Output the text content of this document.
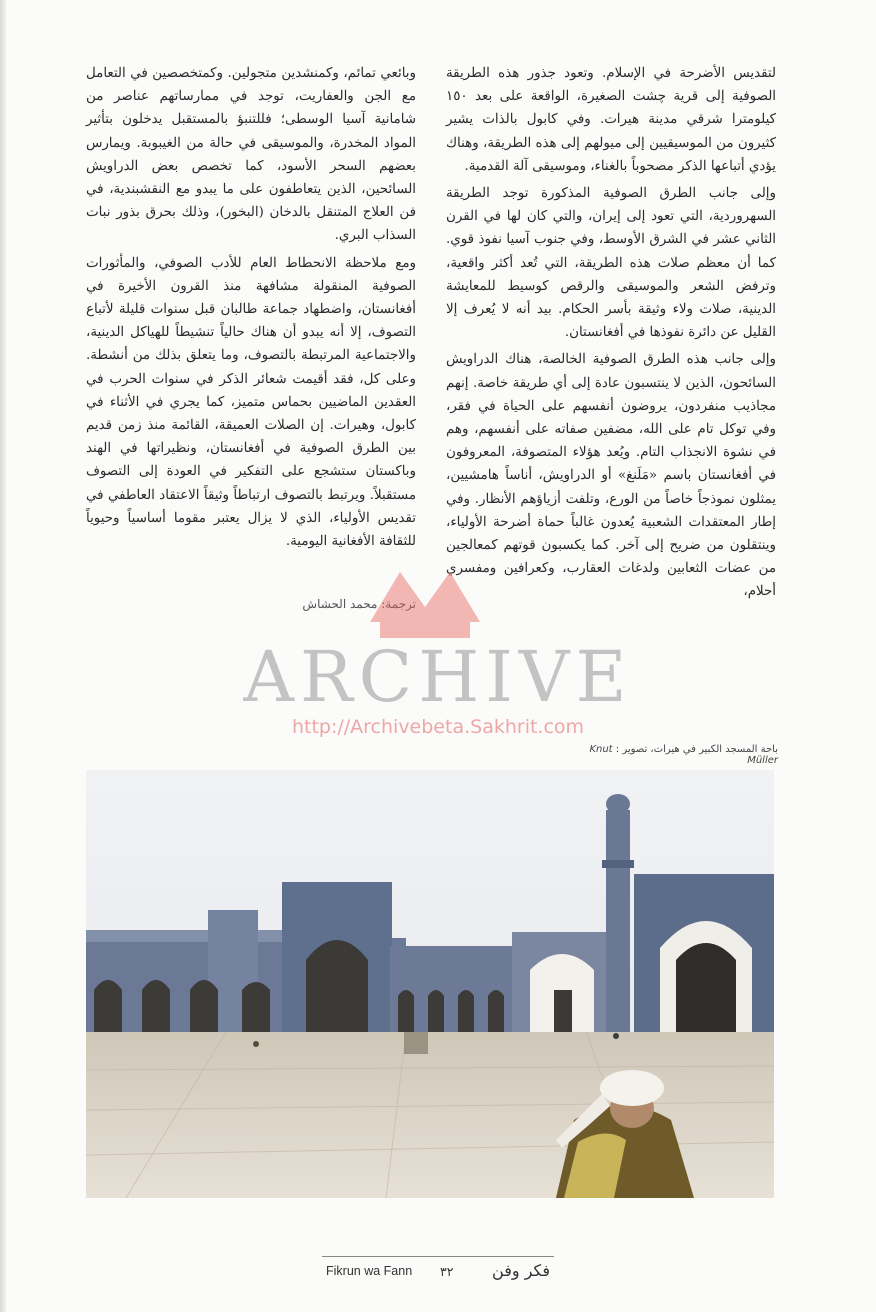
لتقديس الأضرحة في الإسلام. وتعود جذور هذه الطريقة الصوفية إلى قرية چشت الصغيرة، الواقعة على بعد ١٥٠ كيلومترا شرقي مدينة هيرات. وفي كابول بالذات يشير كثيرون من الموسيقيين إلى ميولهم إلى هذه الطريقة، وهناك يؤدي أتباعها الذكر مصحوباً بالغناء، وموسيقى آلة القدمية.

وإلى جانب الطرق الصوفية المذكورة توجد الطريقة السهروردية، التي تعود إلى إيران، والتي كان لها في القرن الثاني عشر في الشرق الأوسط، وفي جنوب آسيا نفوذ قوي. كما أن معظم صلات هذه الطريقة، التي تُعد أكثر واقعية، وترفض الشعر والموسيقى والرقص كوسيط للمعايشة الدينية، صلات ولاء وثيقة بأسر الحكام. بيد أنه لا يُعرف إلا القليل عن دائرة نفوذها في أفغانستان.

وإلى جانب هذه الطرق الصوفية الخالصة، هناك الدراويش السائحون، الذين لا ينتسبون عادة إلى أي طريقة خاصة. إنهم مجاذيب منفردون، يروضون أنفسهم على الحياة في فقر، وفي توكل تام على الله، مضفين صفاته على أنفسهم، وهم في نشوة الانجذاب التام. ويُعد هؤلاء المتصوفة، المعروفون في أفغانستان باسم «مَلَنغ» أو الدراويش، أناساً هامشيين، يمثلون نموذجاً خاصاً من الورع، وتلفت أزياؤهم الأنظار. وفي إطار المعتقدات الشعبية يُعدون غالباً حماة أضرحة الأولياء، وينتقلون من ضريح إلى آخر. كما يكسبون قوتهم كمعالجين من عضات الثعابين ولدغات العقارب، وكعرافين ومفسري أحلام،

وبائعي تمائم، وكمنشدين متجولين. وكمتخصصين في التعامل مع الجن والعفاريت، توجد في ممارساتهم عناصر من شامانية آسيا الوسطى؛ فللتنبؤ بالمستقبل يدخلون بتأثير المواد المخدرة، والموسيقى في حالة من الغيبوبة. ويمارس بعضهم السحر الأسود، كما تخصص بعض الدراويش السائحين، الذين يتعاطفون على ما يبدو مع النقشبندية، في فن العلاج المتنقل بالدخان (البخور)، وذلك بحرق بذور نبات السذاب البري.

ومع ملاحظة الانحطاط العام للأدب الصوفي، والمأثورات الصوفية المنقولة مشافهة منذ القرون الأخيرة في أفغانستان، واضطهاد جماعة طالبان قبل سنوات قليلة لأتباع التصوف، إلا أنه يبدو أن هناك حالياً تنشيطاً للهياكل الدينية، والاجتماعية المرتبطة بالتصوف، وما يتعلق بذلك من أنشطة. وعلى كل، فقد أقيمت شعائر الذكر في سنوات الحرب في العقدين الماضيين بحماس متميز، كما يجري في الأثناء في كابول، وهيرات. إن الصلات العميقة، القائمة منذ زمن قديم بين الطرق الصوفية في أفغانستان، ونظيراتها في الهند وباكستان ستشجع على التفكير في العودة إلى التصوف مستقبلاً. ويرتبط بالتصوف ارتباطاً وثيقاً الاعتقاد العاطفي في تقديس الأولياء، الذي لا يزال يعتبر مقوما أساسياً وحيوياً للثقافة الأفغانية اليومية.

ترجمة: محمد الحشاش

ARCHIVE
http://Archivebeta.Sakhrit.com
باحة المسجد الكبير في هيرات، تصوير : Knut Müller
Fikrun wa Fann ٣٢ فكر وفن
